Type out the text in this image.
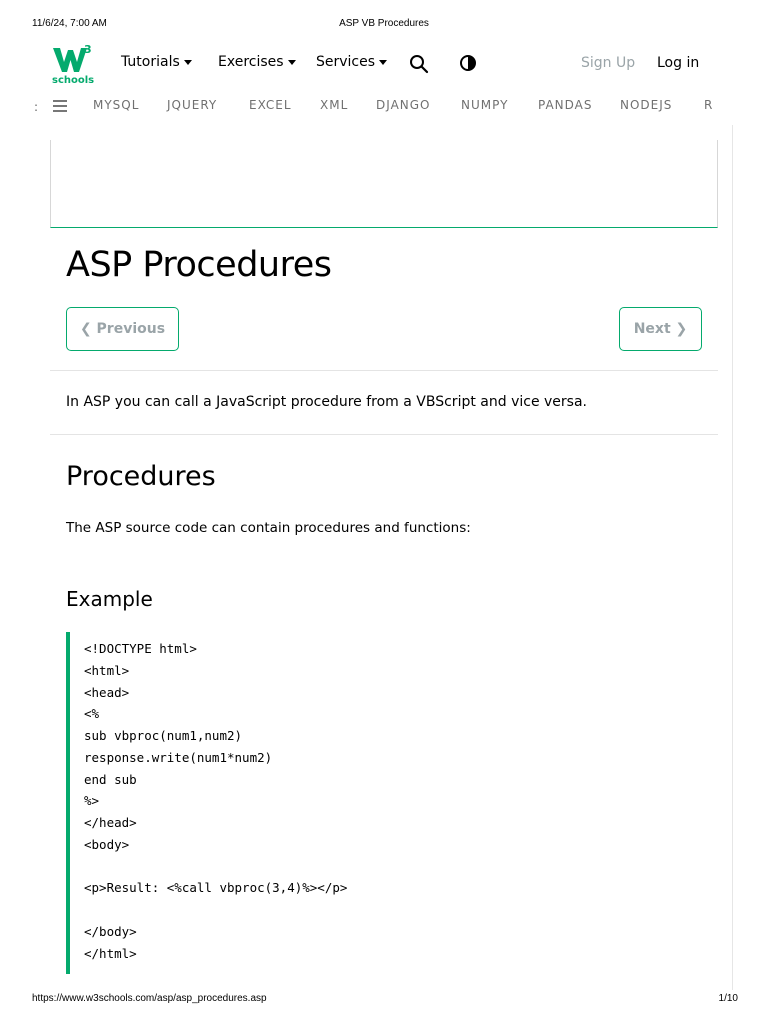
11/6/24, 7:00 AM	ASP VB Procedures
3
schools
Tutorials	Exercises Services	Sign Up Log in
:	MYSQL JQUERY	EXCEL XML DJANGO	NUMPY PANDAS NODEJS	R
ASP Procedures
❮ Previous	Next ❯

In ASP you can call a JavaScript procedure from a VBScript and vice versa.

Procedures

The ASP source code can contain procedures and functions:

Example
<!DOCTYPE html>
<html>
<head>
<%
sub vbproc(num1,num2)
response.write(num1*num2)
end sub
%>
</head>
<body>
<p>Result: <%call vbproc(3,4)%></p>
</body>
</html>
https://www.w3schools.com/asp/asp_procedures.asp	1/10
